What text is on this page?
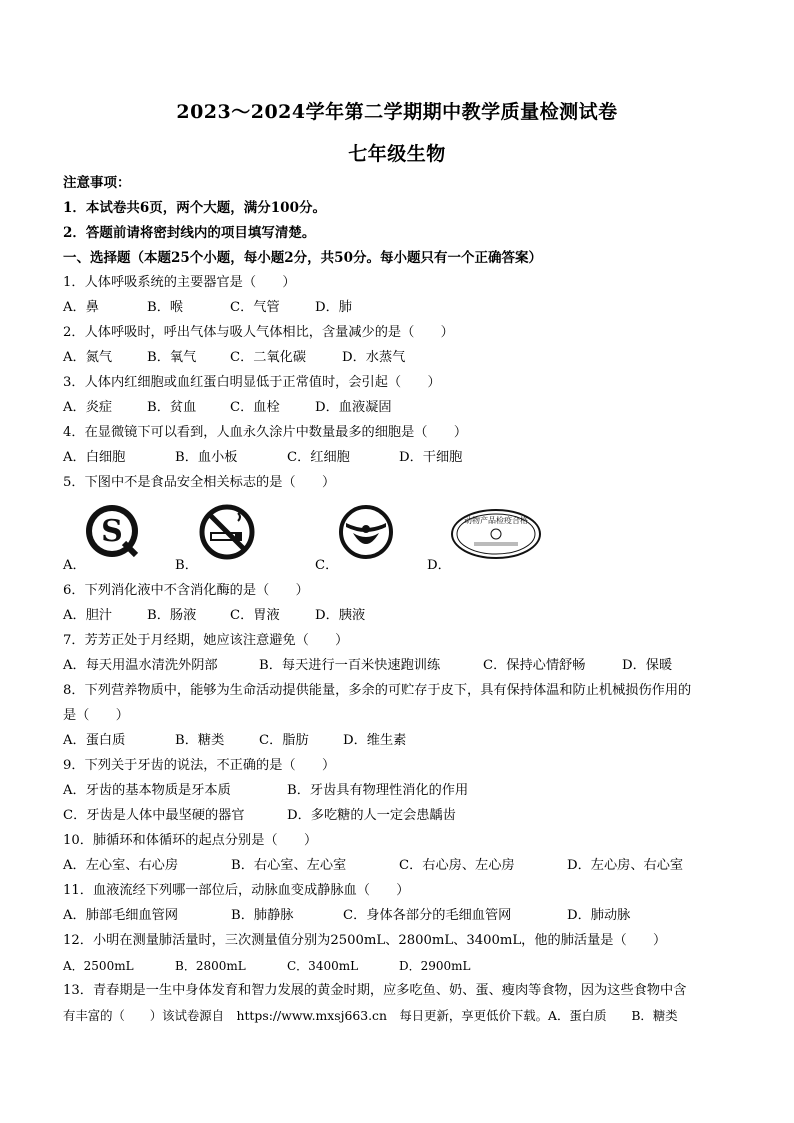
2023～2024学年第二学期期中教学质量检测试卷
七年级生物
注意事项：
1．本试卷共6页，两个大题，满分100分。
2．答题前请将密封线内的项目填写清楚。
一、选择题（本题25个小题，每小题2分，共50分。每小题只有一个正确答案）
1．人体呼吸系统的主要器官是（　　）
A．鼻	B．喉	C．气管	D．肺
2．人体呼吸时，呼出气体与吸人气体相比，含量减少的是（　　）
A．氮气	B．氧气	C．二氧化碳	D．水蒸气
3．人体内红细胞或血红蛋白明显低于正常值时，会引起（　　）
A．炎症	B．贫血	C．血栓	D．血液凝固
4．在显微镜下可以看到，人血永久涂片中数量最多的细胞是（　　）
A．白细胞	B．血小板	C．红细胞	D．干细胞
5．下图中不是食品安全相关标志的是（　　）
A．	B．	C．	D．
S	动物产品检疫合格
6．下列消化液中不含消化酶的是（　　）
A．胆汁	B．肠液	C．胃液	D．胰液
7．芳芳正处于月经期，她应该注意避免（　　）
A．每天用温水清洗外阴部	B．每天进行一百米快速跑训练	C．保持心情舒畅	D．保暖
8．下列营养物质中，能够为生命活动提供能量，多余的可贮存于皮下，具有保持体温和防止机械损伤作用的
是（　　）
A．蛋白质	B．糖类	C．脂肪	D．维生素
9．下列关于牙齿的说法，不正确的是（　　）
A．牙齿的基本物质是牙本质	B．牙齿具有物理性消化的作用
C．牙齿是人体中最坚硬的器官	D．多吃糖的人一定会患龋齿
10．肺循环和体循环的起点分别是（　　）
A．左心室、右心房	B．右心室、左心室	C．右心房、左心房	D．左心房、右心室
11．血液流经下列哪一部位后，动脉血变成静脉血（　　）
A．肺部毛细血管网	B．肺静脉	C．身体各部分的毛细血管网	D．肺动脉
12．小明在测量肺活量时，三次测量值分别为2500mL、2800mL、3400mL，他的肺活量是（　　）
A．2500mL	B．2800mL	C．3400mL	D．2900mL
13．青春期是一生中身体发育和智力发展的黄金时期，应多吃鱼、奶、蛋、瘦肉等食物，因为这些食物中含
有丰富的（　　）该试卷源自　https://www.mxsj663.cn　每日更新，享更低价下载。A．蛋白质　　B．糖类
